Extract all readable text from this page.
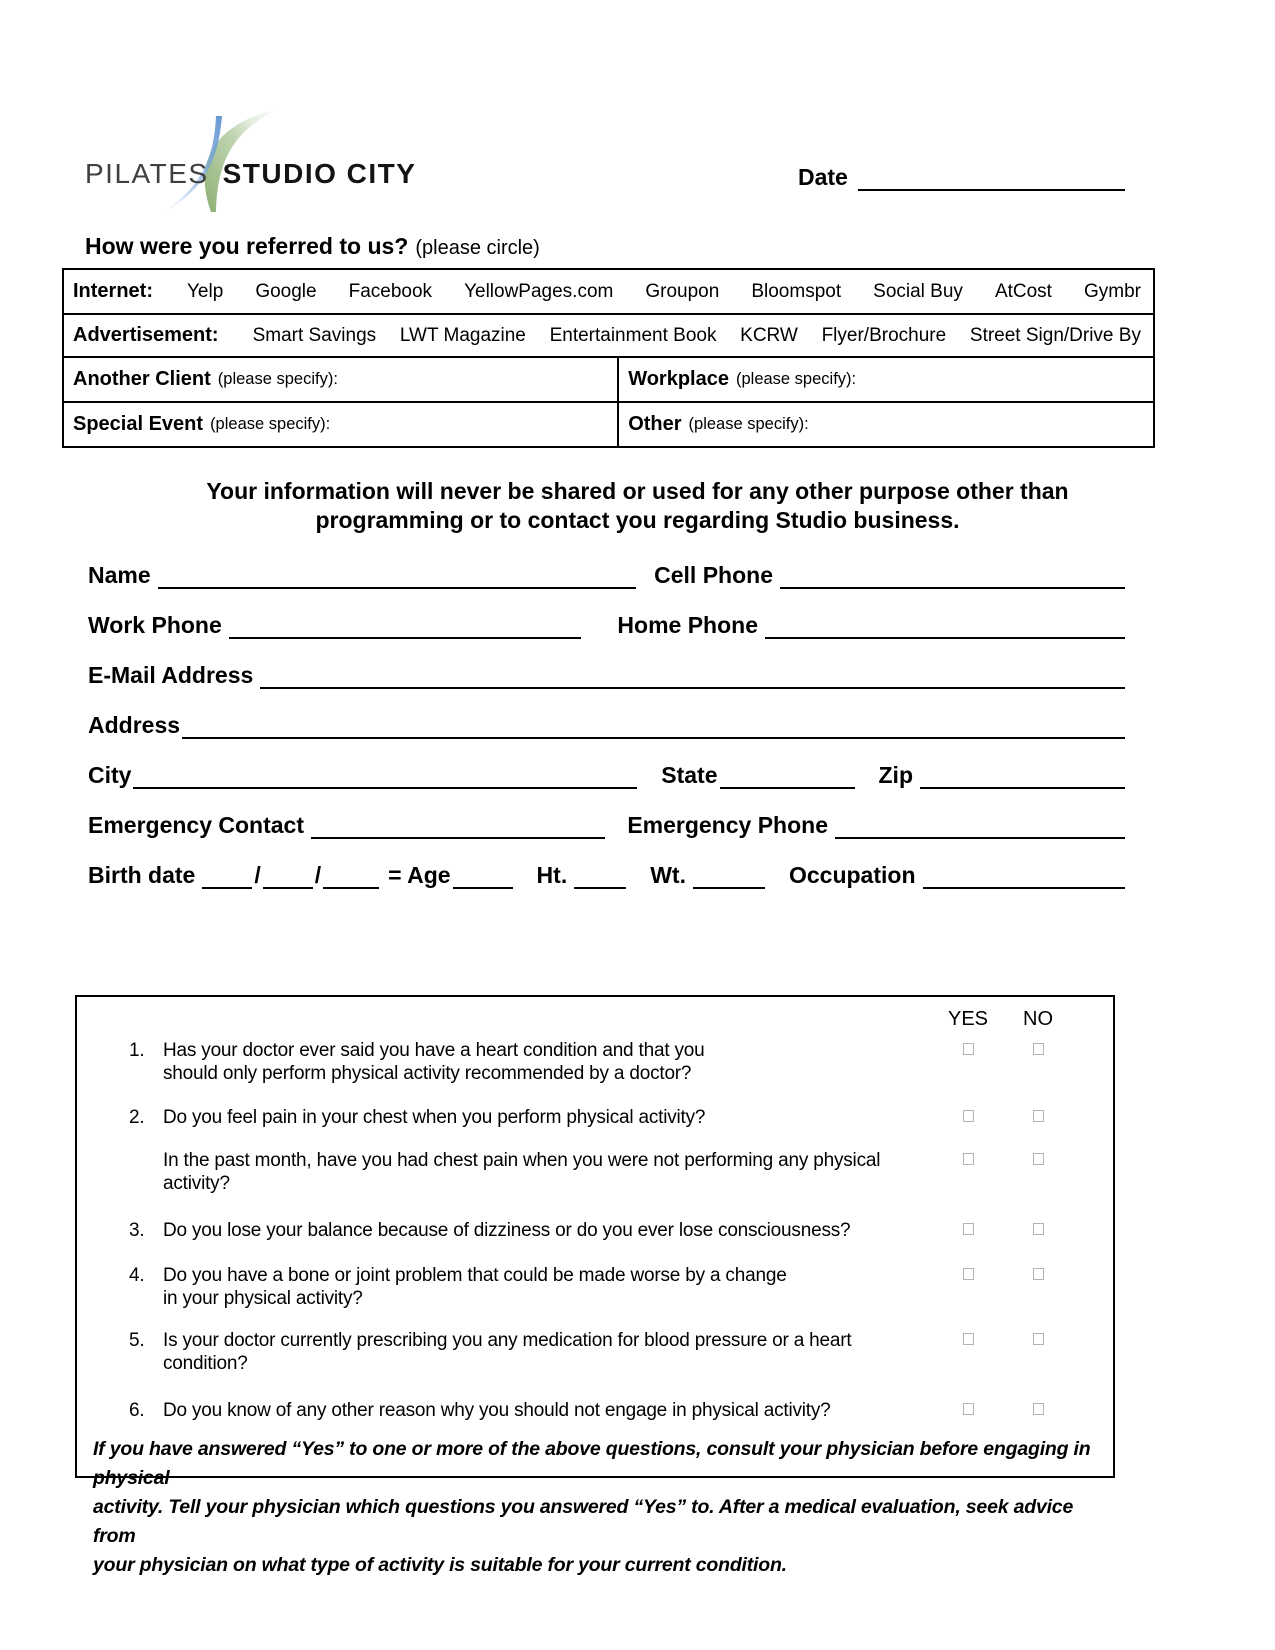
PILATES STUDIO CITY	Date
How were you referred to us? (please circle)
Internet: Yelp Google Facebook YellowPages.com Groupon Bloomspot Social Buy AtCost Gymbr
Advertisement: Smart Savings LWT Magazine Entertainment Book KCRW Flyer/Brochure Street Sign/Drive By
Another Client (please specify):	Workplace (please specify):
Special Event (please specify):	Other (please specify):
Your information will never be shared or used for any other purpose other than
programming or to contact you regarding Studio business.
Name	Cell Phone
Work Phone	Home Phone
E-Mail Address
Address
City	State	Zip
Emergency Contact	Emergency Phone
Birth date	/ /	= Age	Ht.	Wt.	Occupation
YES	NO
1. Has your doctor ever said you have a heart condition and that you
should only perform physical activity recommended by a doctor?
2. Do you feel pain in your chest when you perform physical activity?
In the past month, have you had chest pain when you were not performing any physical activity?
3. Do you lose your balance because of dizziness or do you ever lose consciousness?
4. Do you have a bone or joint problem that could be made worse by a change
in your physical activity?
5. Is your doctor currently prescribing you any medication for blood pressure or a heart condition?
6. Do you know of any other reason why you should not engage in physical activity?
If you have answered “Yes” to one or more of the above questions, consult your physician before engaging in physical
activity. Tell your physician which questions you answered “Yes” to. After a medical evaluation, seek advice from
your physician on what type of activity is suitable for your current condition.
